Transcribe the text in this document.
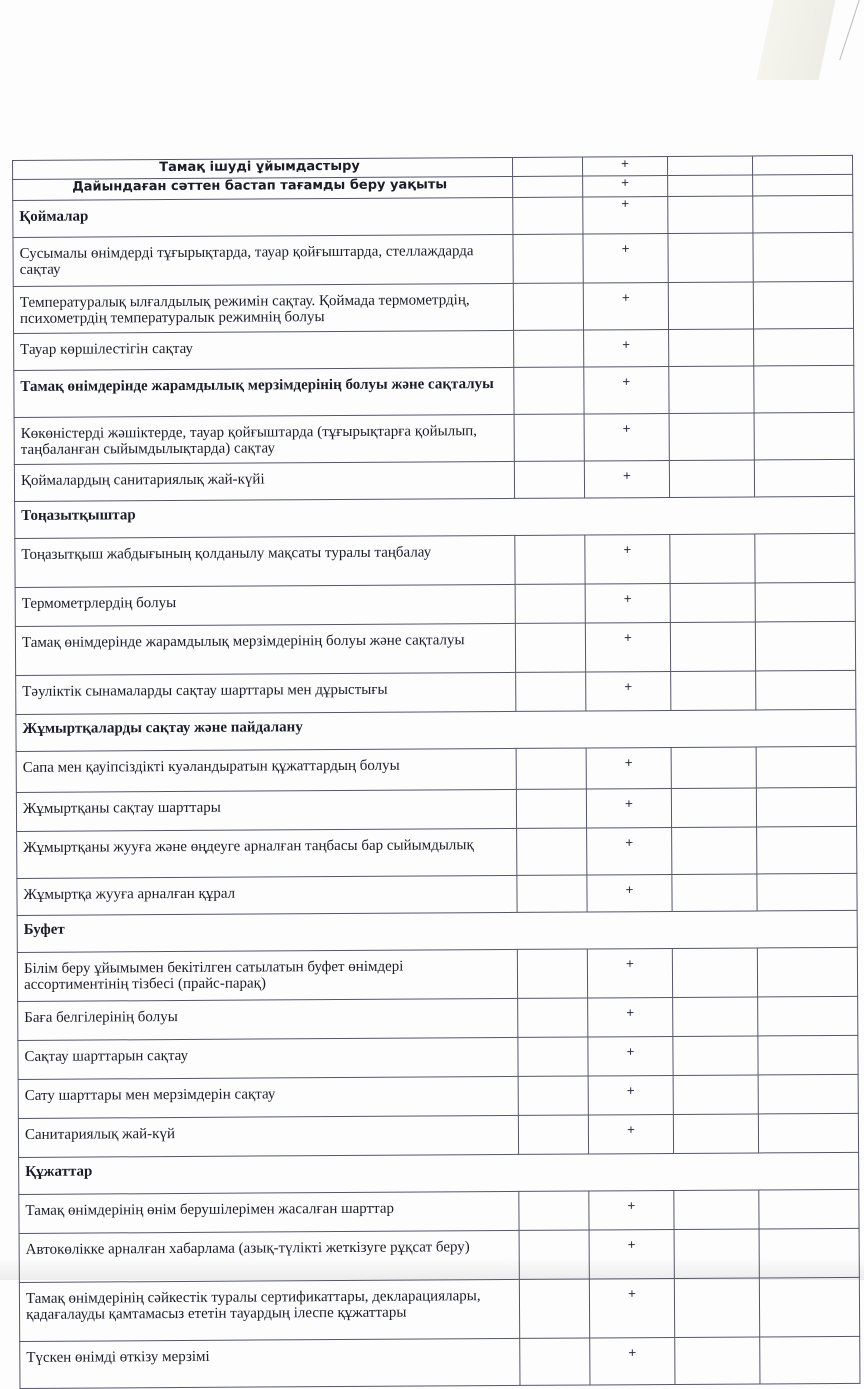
Тамақ ішуді ұйымдастыру		+		
Дайындаған сәттен бастап тағамды беру уақыты		+		
Қоймалар		+		
Сусымалы өнімдерді тұғырықтарда, тауар қойғыштарда, стеллаждарда сақтау		+		
Температуралық ылғалдылық режимін сақтау. Қоймада термометрдің, психометрдің температуралык режимнің болуы		+		
Тауар көршілестігін сақтау		+		
Тамақ өнімдерінде жарамдылық мерзімдерінің болуы және сақталуы		+		
Көкөністерді жәшіктерде, тауар қойғыштарда (тұғырықтарға қойылып, таңбаланған сыйымдылықтарда) сақтау		+		
Қоймалардың санитариялық жай-күйі		+		
Тоңазытқыштар				
Тоңазытқыш жабдығының қолданылу мақсаты туралы таңбалау		+		
Термометрлердің болуы		+		
Тамақ өнімдерінде жарамдылық мерзімдерінің болуы және сақталуы		+		
Тәуліктік сынамаларды сақтау шарттары мен дұрыстығы		+		
Жұмыртқаларды сақтау және пайдалану				
Сапа мен қауіпсіздікті куәландыратын құжаттардың болуы		+		
Жұмыртқаны сақтау шарттары		+		
Жұмыртқаны жууға және өңдеуге арналған таңбасы бар сыйымдылық		+		
Жұмыртқа жууға арналған құрал		+		
Буфет				
Білім беру ұйымымен бекітілген сатылатын буфет өнімдері ассортиментінің тізбесі (прайс-парақ)		+		
Баға белгілерінің болуы		+		
Сақтау шарттарын сақтау		+		
Сату шарттары мен мерзімдерін сақтау		+		
Санитариялық жай-күй		+		
Құжаттар				
Тамақ өнімдерінің өнім берушілерімен жасалған шарттар		+		
Автокөлікке арналған хабарлама (азық-түлікті жеткізуге рұқсат беру)		+		
Тамақ өнімдерінің сәйкестік туралы сертификаттары, декларациялары, қадағалауды қамтамасыз ететін тауардың ілеспе құжаттары		+		
Түскен өнімді өткізу мерзімі		+		
